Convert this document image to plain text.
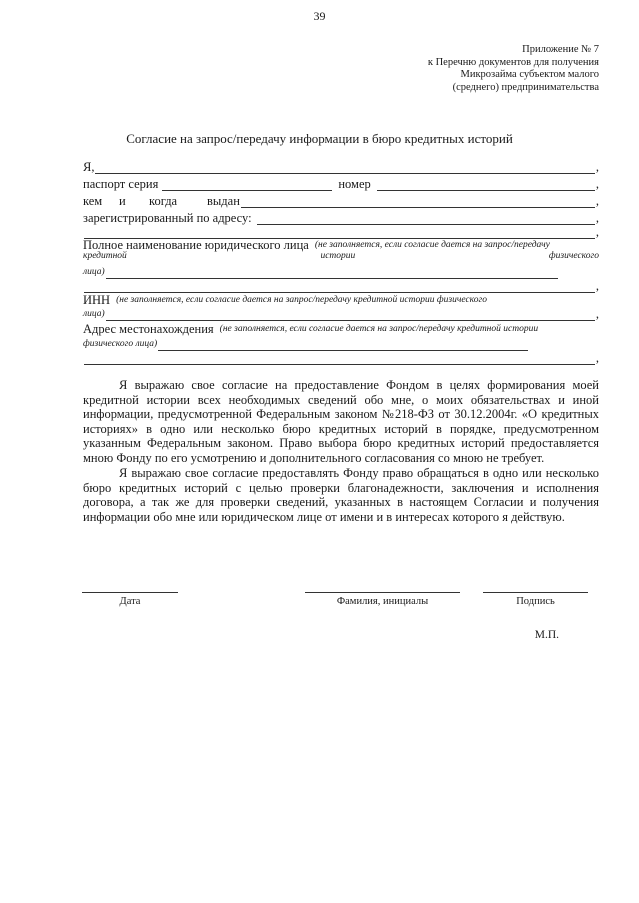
39
Приложение № 7
к Перечню документов для получения
Микрозайма субъектом малого
(среднего) предпринимательства
Согласие на запрос/передачу информации в бюро кредитных историй
Я,	,
паспорт серия	номер	,
кем	и	когда	выдан	,
зарегистрированный по адресу:	,
,
Полное наименование юридического лица (не заполняется, если согласие дается на запрос/передачу
кредитной	истории	физического
лица)
,
ИНН (не заполняется, если согласие дается на запрос/передачу кредитной истории физического
лица)	,
Адрес местонахождения (не заполняется, если согласие дается на запрос/передачу кредитной истории
физического лица)
,
Я выражаю свое согласие на предоставление Фондом в целях формирования моей кредитной истории всех необходимых сведений обо мне, о моих обязательствах и иной информации, предусмотренной Федеральным законом №218-ФЗ от 30.12.2004г. «О кредитных историях» в одно или несколько бюро кредитных историй в порядке, предусмотренном указанным Федеральным законом. Право выбора бюро кредитных историй предоставляется мною Фонду по его усмотрению и дополнительного согласования со мною не требует.
Я выражаю свое согласие предоставлять Фонду право обращаться в одно или несколько бюро кредитных историй с целью проверки благонадежности, заключения и исполнения договора, а так же для проверки сведений, указанных в настоящем Согласии и получения информации обо мне или юридическом лице от имени и в интересах которого я действую.
Дата	Фамилия, инициалы	Подпись
М.П.
